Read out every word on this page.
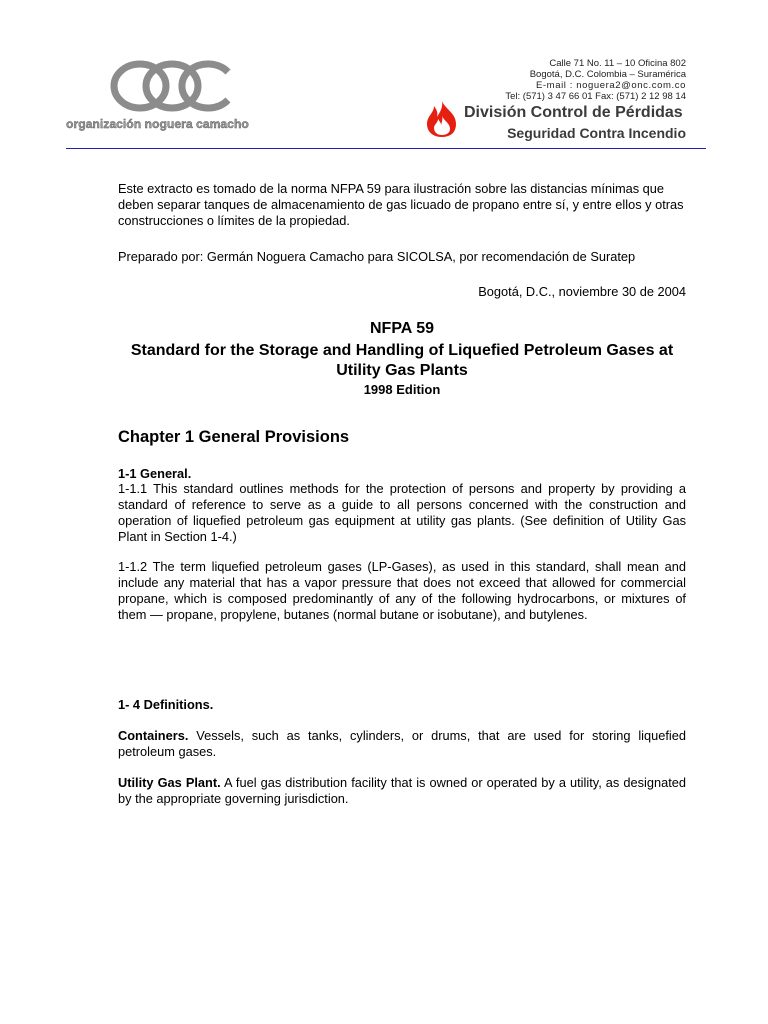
organización noguera camacho
Calle 71 No. 11 – 10 Oficina 802
Bogotá, D.C. Colombia – Suramérica
E-mail : noguera2@onc.com.co
Tel: (571) 3 47 66 01 Fax: (571) 2 12 98 14
División Control de Pérdidas
Seguridad Contra Incendio
Este extracto es tomado de la norma NFPA 59 para ilustración sobre las distancias mínimas que deben separar tanques de almacenamiento de gas licuado de propano entre sí, y entre ellos y otras construcciones o límites de la propiedad.
Preparado por: Germán Noguera Camacho para SICOLSA, por recomendación de Suratep
Bogotá, D.C., noviembre 30 de 2004
NFPA 59
Standard for the Storage and Handling of Liquefied Petroleum Gases at Utility Gas Plants
1998 Edition
Chapter 1 General Provisions
1-1 General.
1-1.1 This standard outlines methods for the protection of persons and property by providing a standard of reference to serve as a guide to all persons concerned with the construction and operation of liquefied petroleum gas equipment at utility gas plants. (See definition of Utility Gas Plant in Section 1-4.)
1-1.2 The term liquefied petroleum gases (LP-Gases), as used in this standard, shall mean and include any material that has a vapor pressure that does not exceed that allowed for commercial propane, which is composed predominantly of any of the following hydrocarbons, or mixtures of them — propane, propylene, butanes (normal butane or isobutane), and butylenes.
1- 4 Definitions.
Containers. Vessels, such as tanks, cylinders, or drums, that are used for storing liquefied petroleum gases.
Utility Gas Plant. A fuel gas distribution facility that is owned or operated by a utility, as designated by the appropriate governing jurisdiction.
